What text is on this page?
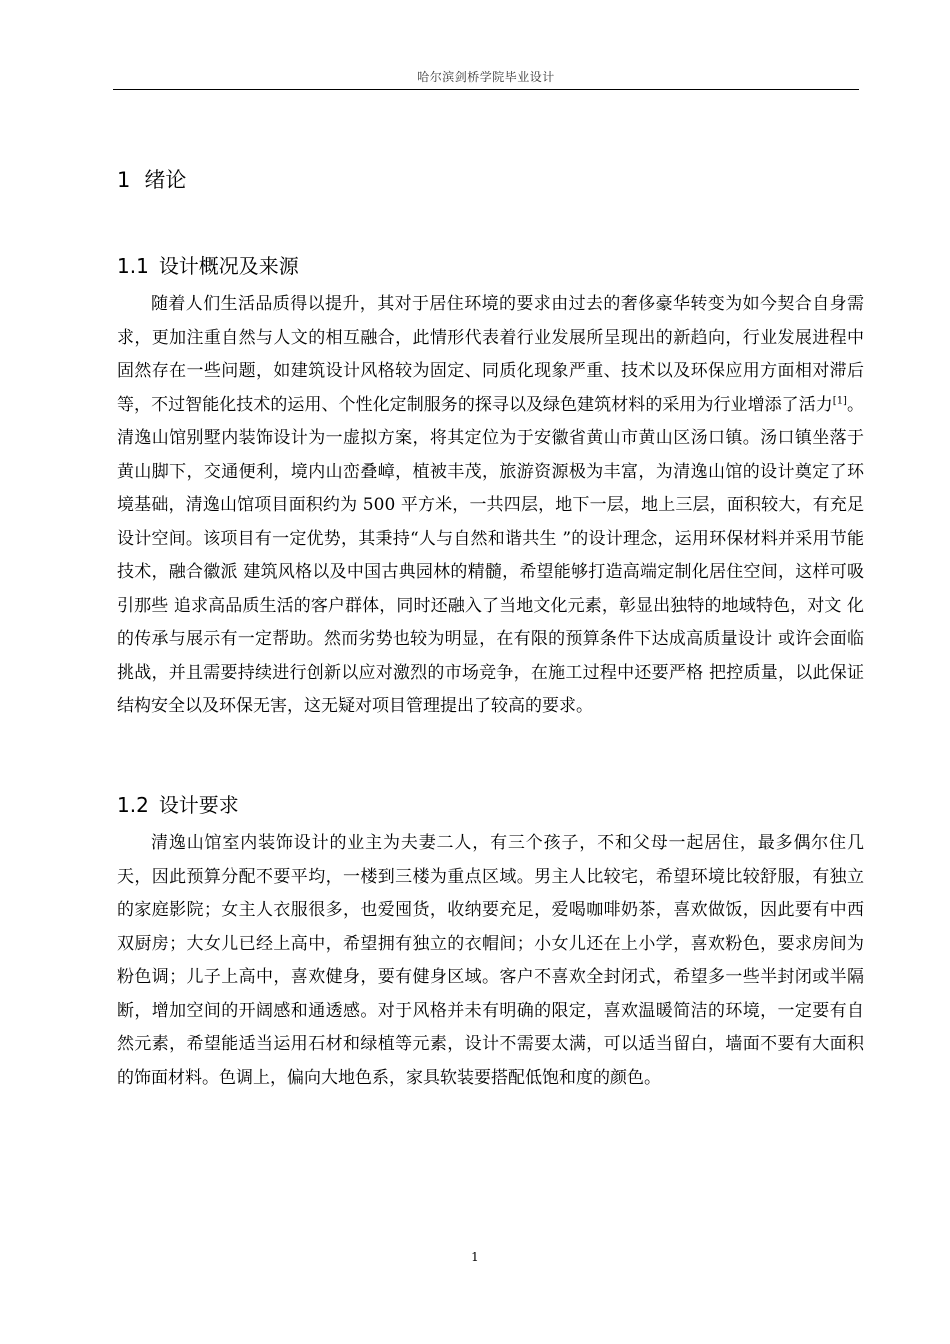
哈尔滨剑桥学院毕业设计
1 绪论
1.1 设计概况及来源

随着人们生活品质得以提升，其对于居住环境的要求由过去的奢侈豪华转变为如今契合自身需求，更加注重自然与人文的相互融合，此情形代表着行业发展所呈现出的新趋向，行业发展进程中固然存在一些问题，如建筑设计风格较为固定、同质化现象严重、技术以及环保应用方面相对滞后等，不过智能化技术的运用、个性化定制服务的探寻以及绿色建筑材料的采用为行业增添了活力[1]。清逸山馆别墅内装饰设计为一虚拟方案，将其定位为于安徽省黄山市黄山区汤口镇。汤口镇坐落于黄山脚下，交通便利，境内山峦叠嶂，植被丰茂，旅游资源极为丰富，为清逸山馆的设计奠定了环境基础，清逸山馆项目面积约为 500 平方米，一共四层，地下一层，地上三层，面积较大，有充足设计空间。该项目有一定优势，其秉持“人与自然和谐共生 ”的设计理念，运用环保材料并采用节能技术，融合徽派 建筑风格以及中国古典园林的精髓，希望能够打造高端定制化居住空间，这样可吸引那些 追求高品质生活的客户群体，同时还融入了当地文化元素，彰显出独特的地域特色，对文 化的传承与展示有一定帮助。然而劣势也较为明显，在有限的预算条件下达成高质量设计 或许会面临挑战，并且需要持续进行创新以应对激烈的市场竞争，在施工过程中还要严格 把控质量，以此保证结构安全以及环保无害，这无疑对项目管理提出了较高的要求。

1.2 设计要求

清逸山馆室内装饰设计的业主为夫妻二人，有三个孩子，不和父母一起居住，最多偶尔住几天，因此预算分配不要平均，一楼到三楼为重点区域。男主人比较宅，希望环境比较舒服，有独立的家庭影院；女主人衣服很多，也爱囤货，收纳要充足，爱喝咖啡奶茶，喜欢做饭，因此要有中西双厨房；大女儿已经上高中，希望拥有独立的衣帽间；小女儿还在上小学，喜欢粉色，要求房间为粉色调；儿子上高中，喜欢健身，要有健身区域。客户不喜欢全封闭式，希望多一些半封闭或半隔断，增加空间的开阔感和通透感。对于风格并未有明确的限定，喜欢温暖简洁的环境，一定要有自然元素，希望能适当运用石材和绿植等元素，设计不需要太满，可以适当留白，墙面不要有大面积的饰面材料。色调上，偏向大地色系，家具软装要搭配低饱和度的颜色。

1
